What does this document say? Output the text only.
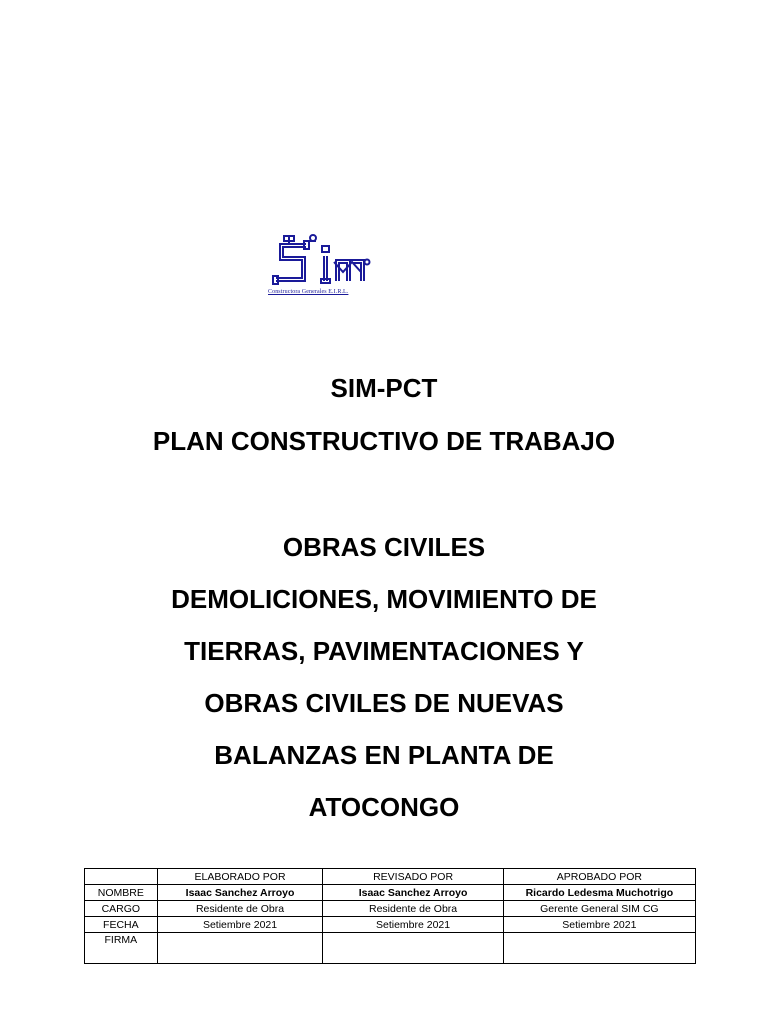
Constructora Generales E.I.R.L.
SIM-PCT
PLAN CONSTRUCTIVO DE TRABAJO
OBRAS CIVILES
DEMOLICIONES, MOVIMIENTO DE
TIERRAS, PAVIMENTACIONES Y
OBRAS CIVILES DE NUEVAS
BALANZAS EN PLANTA DE
ATOCONGO
	ELABORADO POR	REVISADO POR	APROBADO POR
NOMBRE	Isaac Sanchez Arroyo	Isaac Sanchez Arroyo	Ricardo Ledesma Muchotrigo
CARGO	Residente de Obra	Residente de Obra	Gerente General SIM CG
FECHA	Setiembre 2021	Setiembre 2021	Setiembre 2021
FIRMA			
